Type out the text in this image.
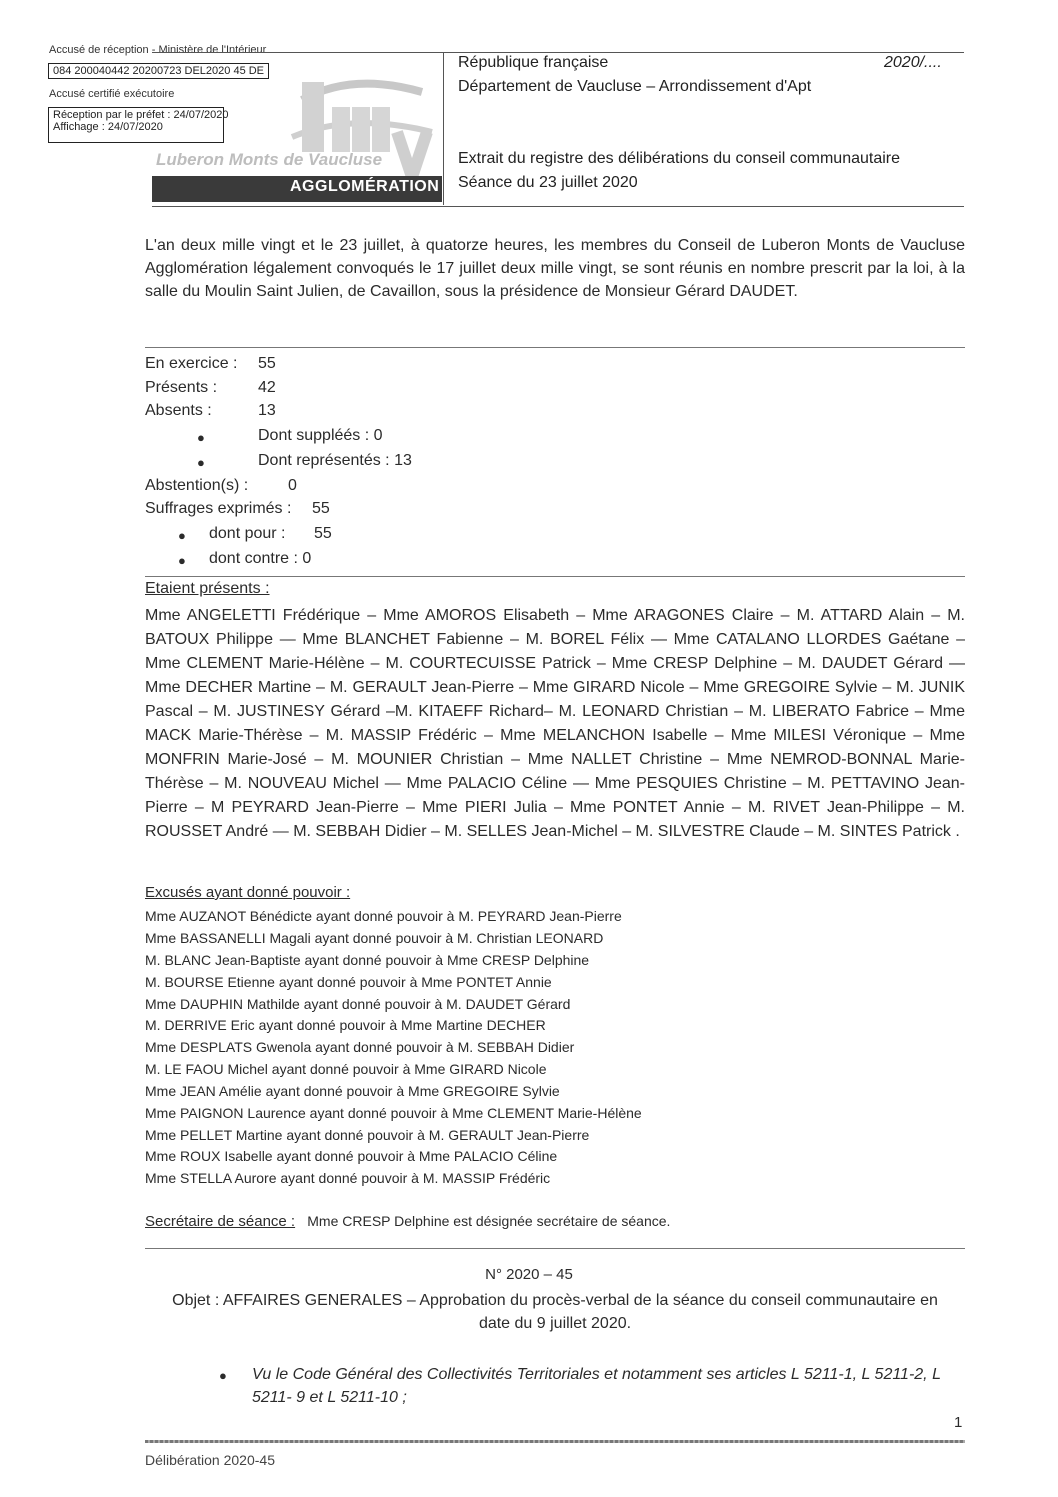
Accusé de réception - Ministère de l'Intérieur
084 200040442 20200723 DEL2020 45 DE
Accusé certifié exécutoire
Réception par le préfet : 24/07/2020
Affichage : 24/07/2020
Luberon Monts de Vaucluse
AGGLOMÉRATION
République française	2020/....
Département de Vaucluse – Arrondissement d'Apt
Extrait du registre des délibérations du conseil communautaire
Séance du 23 juillet 2020
L'an deux mille vingt et le 23 juillet, à quatorze heures, les membres du Conseil de Luberon Monts de Vaucluse Agglomération légalement convoqués le 17 juillet deux mille vingt, se sont réunis en nombre prescrit par la loi, à la salle du Moulin Saint Julien, de Cavaillon, sous la présidence de Monsieur Gérard DAUDET.
En exercice : 55
Présents :	42
Absents :	13
●	Dont suppléés : 0
●	Dont représentés : 13
Abstention(s) : 0
Suffrages exprimés : 55
● dont pour : 55
● dont contre : 0
Etaient présents :
Mme ANGELETTI Frédérique – Mme AMOROS Elisabeth – Mme ARAGONES Claire – M. ATTARD Alain – M. BATOUX Philippe — Mme BLANCHET Fabienne – M. BOREL Félix — Mme CATALANO LLORDES Gaétane – Mme CLEMENT Marie-Hélène – M. COURTECUISSE Patrick – Mme CRESP Delphine – M. DAUDET Gérard — Mme DECHER Martine – M. GERAULT Jean-Pierre – Mme GIRARD Nicole – Mme GREGOIRE Sylvie – M. JUNIK Pascal – M. JUSTINESY Gérard –M. KITAEFF Richard– M. LEONARD Christian – M. LIBERATO Fabrice – Mme MACK Marie-Thérèse – M. MASSIP Frédéric – Mme MELANCHON Isabelle – Mme MILESI Véronique – Mme MONFRIN Marie-José – M. MOUNIER Christian – Mme NALLET Christine – Mme NEMROD-BONNAL Marie-Thérèse – M. NOUVEAU Michel — Mme PALACIO Céline — Mme PESQUIES Christine – M. PETTAVINO Jean-Pierre – M PEYRARD Jean-Pierre – Mme PIERI Julia – Mme PONTET Annie – M. RIVET Jean-Philippe – M. ROUSSET André — M. SEBBAH Didier – M. SELLES Jean-Michel – M. SILVESTRE Claude – M. SINTES Patrick .
Excusés ayant donné pouvoir :
Mme AUZANOT Bénédicte ayant donné pouvoir à M. PEYRARD Jean-Pierre
Mme BASSANELLI Magali ayant donné pouvoir à M. Christian LEONARD
M. BLANC Jean-Baptiste ayant donné pouvoir à Mme CRESP Delphine
M. BOURSE Etienne ayant donné pouvoir à Mme PONTET Annie
Mme DAUPHIN Mathilde ayant donné pouvoir à M. DAUDET Gérard
M. DERRIVE Eric ayant donné pouvoir à Mme Martine DECHER
Mme DESPLATS Gwenola ayant donné pouvoir à M. SEBBAH Didier
M. LE FAOU Michel ayant donné pouvoir à Mme GIRARD Nicole
Mme JEAN Amélie ayant donné pouvoir à Mme GREGOIRE Sylvie
Mme PAIGNON Laurence ayant donné pouvoir à Mme CLEMENT Marie-Hélène
Mme PELLET Martine ayant donné pouvoir à M. GERAULT Jean-Pierre
Mme ROUX Isabelle ayant donné pouvoir à Mme PALACIO Céline
Mme STELLA Aurore ayant donné pouvoir à M. MASSIP Frédéric
Secrétaire de séance : Mme CRESP Delphine est désignée secrétaire de séance.
N° 2020 – 45
Objet : AFFAIRES GENERALES – Approbation du procès-verbal de la séance du conseil communautaire en
date du 9 juillet 2020.
● Vu le Code Général des Collectivités Territoriales et notamment ses articles L 5211-1, L 5211-2, L 5211- 9 et L 5211-10 ;
1
Délibération 2020-45
